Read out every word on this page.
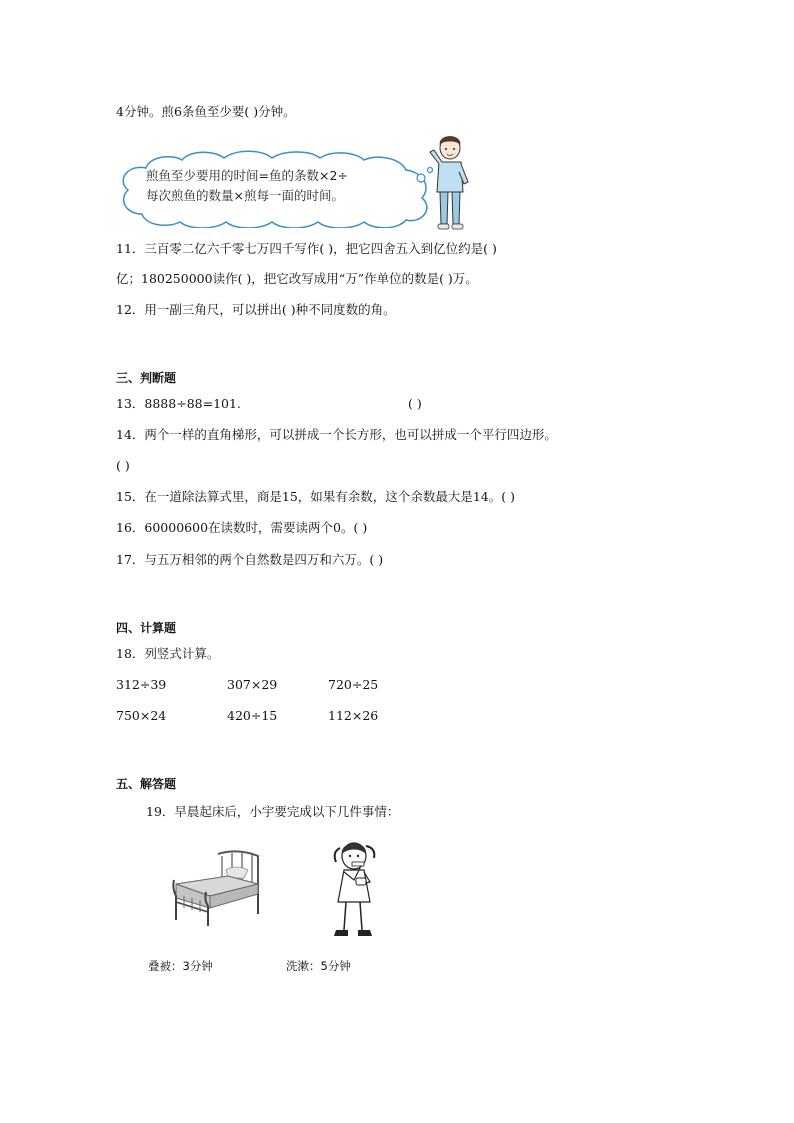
4分钟。煎6条鱼至少要( )分钟。
煎鱼至少要用的时间=鱼的条数×2÷
每次煎鱼的数量×煎每一面的时间。
11．三百零二亿六千零七万四千写作( )，把它四舍五入到亿位约是( )
亿；180250000读作( )，把它改写成用“万”作单位的数是( )万。
12．用一副三角尺，可以拼出( )种不同度数的角。
三、判断题
13．8888÷88=101.	( )
14．两个一样的直角梯形，可以拼成一个长方形，也可以拼成一个平行四边形。
( )
15．在一道除法算式里，商是15，如果有余数，这个余数最大是14。( )
16．60000600在读数时，需要读两个0。( )
17．与五万相邻的两个自然数是四万和六万。( )
四、计算题
18．列竖式计算。
312÷39	307×29	720÷25
750×24	420÷15	112×26
五、解答题
19．早晨起床后，小宇要完成以下几件事情：
叠被：3分钟	洗漱：5分钟
